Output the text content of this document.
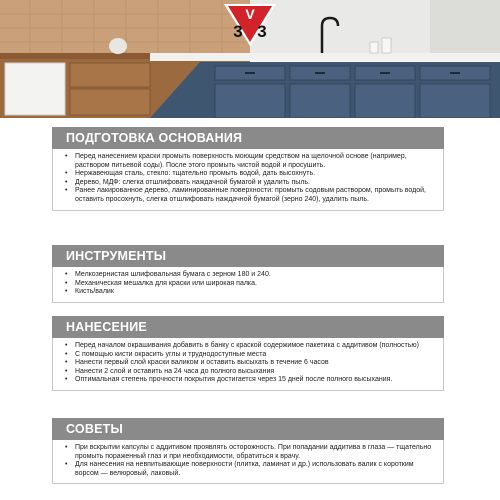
V
3 3
ПОДГОТОВКА ОСНОВАНИЯ
• Перед нанесением краски промыть поверхность моющим средством на щелочной основе (например, раствором питьевой соды). После этого промыть чистой водой и просушить.
• Нержавеющая сталь, стекло: тщательно промыть водой, дать высохнуть.
• Дерево, МДФ: слегка отшлифовать наждачной бумагой и удалить пыль.
• Ранее лакированное дерево, ламинированные поверхности: промыть содовым раствором, промыть водой, оставить просохнуть, слегка отшлифовать наждачной бумагой (зерно 240), удалить пыль.
ИНСТРУМЕНТЫ
• Мелкозернистая шлифовальная бумага с зерном 180 и 240.
• Механическая мешалка для краски или широкая палка.
• Кисть/валик
НАНЕСЕНИЕ
• Перед началом окрашивания добавить в банку с краской содержимое пакетика с аддитивом (полностью)
• С помощью кисти окрасить углы и труднодоступные места
• Нанести первый слой краски валиком и оставить высыхать в течение 6 часов
• Нанести 2 слой и оставить на 24 часа до полного высыхания
• Оптимальная степень прочности покрытия достигается через 15 дней после полного высыхания.
СОВЕТЫ
• При вскрытии капсулы с аддитивом проявлять осторожность. При попадании аддитива в глаза — тщательно промыть пораженный глаз и при необходимости, обратиться к врачу.
• Для нанесения на невпитывающие поверхности (плитка, ламинат и др.) использовать валик с коротким ворсом — велюровый, лаковый.
